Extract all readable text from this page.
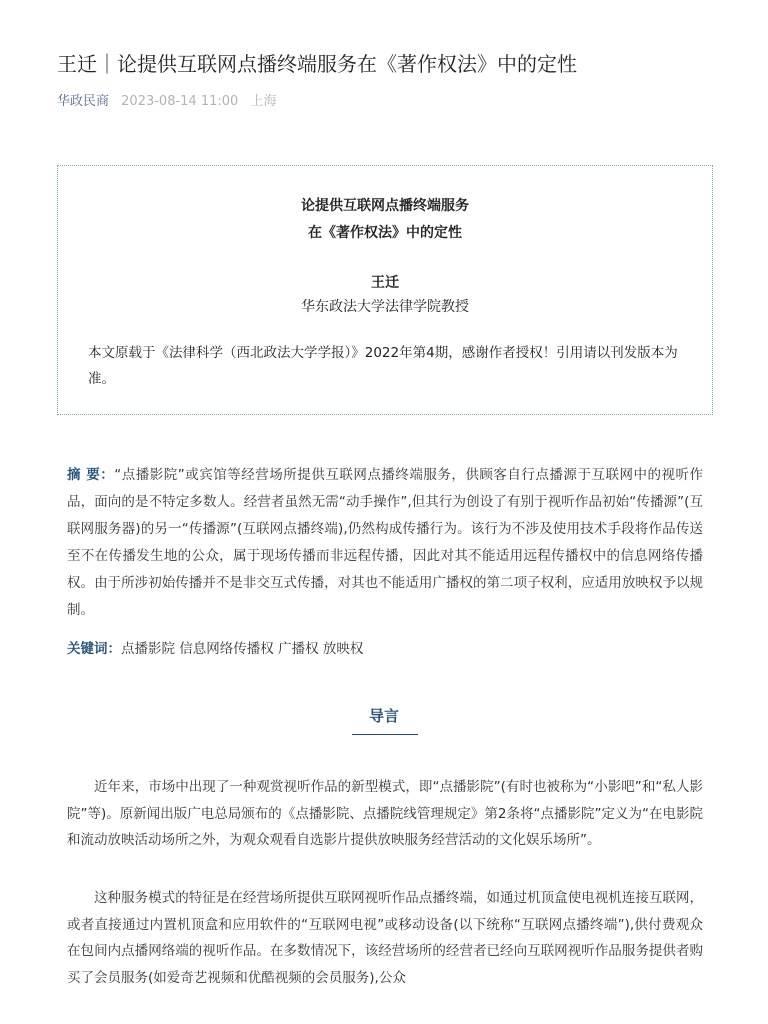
王迁｜论提供互联网点播终端服务在《著作权法》中的定性
华政民商 2023-08-14 11:00 上海
论提供互联网点播终端服务
在《著作权法》中的定性
王迁
华东政法大学法律学院教授

本文原载于《法律科学（西北政法大学学报）》2022年第4期，感谢作者授权！引用请以刊发版本为准。

摘 要：“点播影院”或宾馆等经营场所提供互联网点播终端服务，供顾客自行点播源于互联网中的视听作品，面向的是不特定多数人。经营者虽然无需“动手操作”,但其行为创设了有别于视听作品初始“传播源”(互联网服务器)的另一“传播源”(互联网点播终端),仍然构成传播行为。该行为不涉及使用技术手段将作品传送至不在传播发生地的公众，属于现场传播而非远程传播，因此对其不能适用远程传播权中的信息网络传播权。由于所涉初始传播并不是非交互式传播，对其也不能适用广播权的第二项子权利，应适用放映权予以规制。

关键词：点播影院 信息网络传播权 广播权 放映权

导言

近年来，市场中出现了一种观赏视听作品的新型模式，即“点播影院”(有时也被称为“小影吧”和“私人影院”等)。原新闻出版广电总局颁布的《点播影院、点播院线管理规定》第2条将“点播影院”定义为“在电影院和流动放映活动场所之外，为观众观看自选影片提供放映服务经营活动的文化娱乐场所”。

这种服务模式的特征是在经营场所提供互联网视听作品点播终端，如通过机顶盒使电视机连接互联网，或者直接通过内置机顶盒和应用软件的“互联网电视”或移动设备(以下统称“互联网点播终端”),供付费观众在包间内点播网络端的视听作品。在多数情况下，该经营场所的经营者已经向互联网视听作品服务提供者购买了会员服务(如爱奇艺视频和优酷视频的会员服务),公众
